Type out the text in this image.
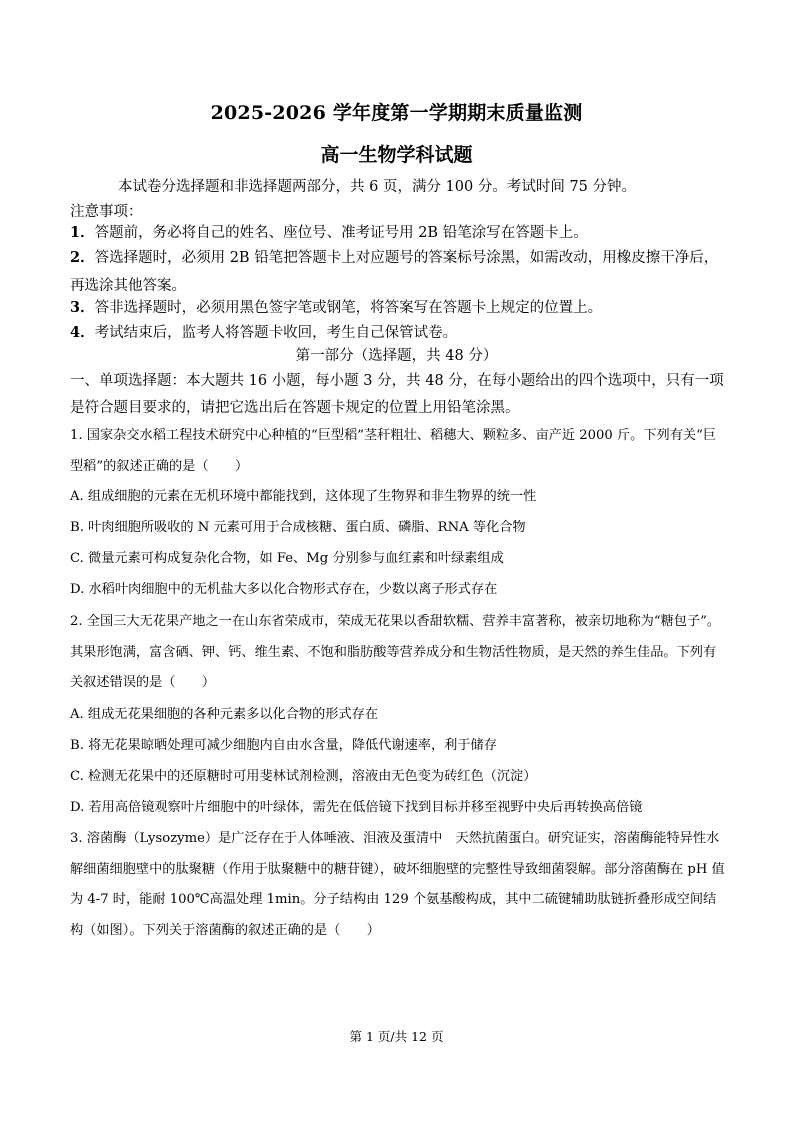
2025-2026 学年度第一学期期末质量监测
高一生物学科试题
本试卷分选择题和非选择题两部分，共 6 页，满分 100 分。考试时间 75 分钟。
注意事项：
1．答题前，务必将自己的姓名、座位号、准考证号用 2B 铅笔涂写在答题卡上。
2．答选择题时，必须用 2B 铅笔把答题卡上对应题号的答案标号涂黑，如需改动，用橡皮擦干净后，再选涂其他答案。
3．答非选择题时，必须用黑色签字笔或钢笔，将答案写在答题卡上规定的位置上。
4．考试结束后，监考人将答题卡收回，考生自己保管试卷。
第一部分（选择题，共 48 分）
一、单项选择题：本大题共 16 小题，每小题 3 分，共 48 分，在每小题给出的四个选项中，只有一项是符合题目要求的，请把它选出后在答题卡规定的位置上用铅笔涂黑。
1. 国家杂交水稻工程技术研究中心种植的“巨型稻”茎秆粗壮、稻穗大、颗粒多、亩产近 2000 斤。下列有关“巨型稻”的叙述正确的是（　　）
A. 组成细胞的元素在无机环境中都能找到，这体现了生物界和非生物界的统一性
B. 叶肉细胞所吸收的 N 元素可用于合成核糖、蛋白质、磷脂、RNA 等化合物
C. 微量元素可构成复杂化合物，如 Fe、Mg 分别参与血红素和叶绿素组成
D. 水稻叶肉细胞中的无机盐大多以化合物形式存在，少数以离子形式存在
2. 全国三大无花果产地之一在山东省荣成市，荣成无花果以香甜软糯、营养丰富著称，被亲切地称为“糖包子”。其果形饱满，富含硒、钾、钙、维生素、不饱和脂肪酸等营养成分和生物活性物质，是天然的养生佳品。下列有关叙述错误的是（　　）
A. 组成无花果细胞的各种元素多以化合物的形式存在
B. 将无花果晾晒处理可减少细胞内自由水含量，降低代谢速率，利于储存
C. 检测无花果中的还原糖时可用斐林试剂检测，溶液由无色变为砖红色（沉淀）
D. 若用高倍镜观察叶片细胞中的叶绿体，需先在低倍镜下找到目标并移至视野中央后再转换高倍镜
3. 溶菌酶（Lysozyme）是广泛存在于人体唾液、泪液及蛋清中　天然抗菌蛋白。研究证实，溶菌酶能特异性水解细菌细胞壁中的肽聚糖（作用于肽聚糖中的糖苷键），破坏细胞壁的完整性导致细菌裂解。部分溶菌酶在 pH 值为 4-7 时，能耐 100℃高温处理 1min。分子结构由 129 个氨基酸构成，其中二硫键辅助肽链折叠形成空间结构（如图）。下列关于溶菌酶的叙述正确的是（　　）
第 1 页/共 12 页
